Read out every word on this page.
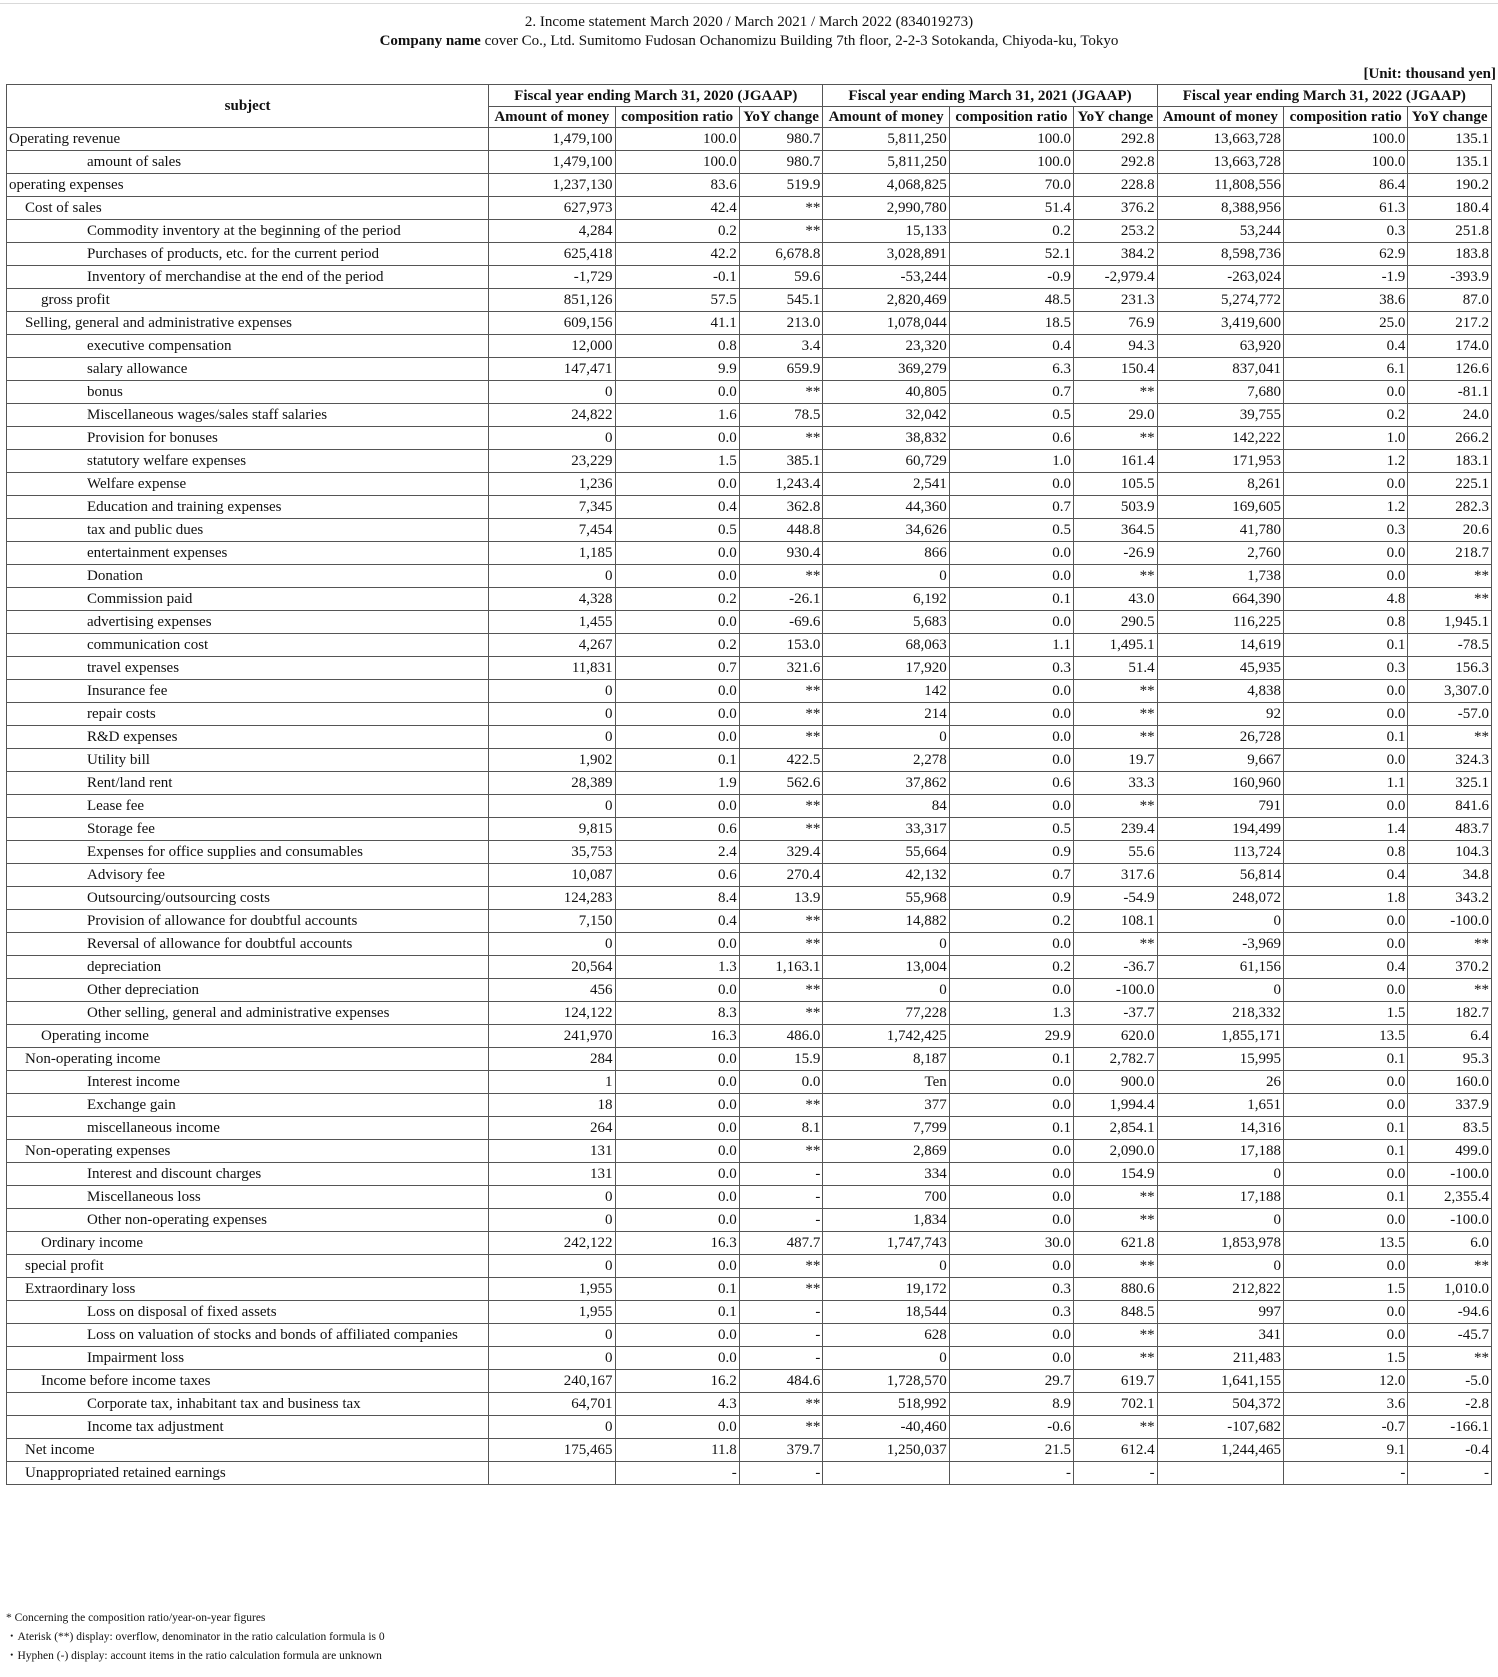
2. Income statement March 2020 / March 2021 / March 2022 (834019273)
Company name cover Co., Ltd. Sumitomo Fudosan Ochanomizu Building 7th floor, 2-2-3 Sotokanda, Chiyoda-ku, Tokyo
[Unit: thousand yen]
subject	Fiscal year ending March 31, 2020 (JGAAP)			Fiscal year ending March 31, 2021 (JGAAP)			Fiscal year ending March 31, 2022 (JGAAP)		
	Amount of money	composition ratio	YoY change	Amount of money	composition ratio	YoY change	Amount of money	composition ratio	YoY change
Operating revenue	1,479,100	100.0	980.7	5,811,250	100.0	292.8	13,663,728	100.0	135.1
amount of sales	1,479,100	100.0	980.7	5,811,250	100.0	292.8	13,663,728	100.0	135.1
operating expenses	1,237,130	83.6	519.9	4,068,825	70.0	228.8	11,808,556	86.4	190.2
Cost of sales	627,973	42.4	**	2,990,780	51.4	376.2	8,388,956	61.3	180.4
Commodity inventory at the beginning of the period	4,284	0.2	**	15,133	0.2	253.2	53,244	0.3	251.8
Purchases of products, etc. for the current period	625,418	42.2	6,678.8	3,028,891	52.1	384.2	8,598,736	62.9	183.8
Inventory of merchandise at the end of the period	-1,729	-0.1	59.6	-53,244	-0.9	-2,979.4	-263,024	-1.9	-393.9
gross profit	851,126	57.5	545.1	2,820,469	48.5	231.3	5,274,772	38.6	87.0
Selling, general and administrative expenses	609,156	41.1	213.0	1,078,044	18.5	76.9	3,419,600	25.0	217.2
executive compensation	12,000	0.8	3.4	23,320	0.4	94.3	63,920	0.4	174.0
salary allowance	147,471	9.9	659.9	369,279	6.3	150.4	837,041	6.1	126.6
bonus	0	0.0	**	40,805	0.7	**	7,680	0.0	-81.1
Miscellaneous wages/sales staff salaries	24,822	1.6	78.5	32,042	0.5	29.0	39,755	0.2	24.0
Provision for bonuses	0	0.0	**	38,832	0.6	**	142,222	1.0	266.2
statutory welfare expenses	23,229	1.5	385.1	60,729	1.0	161.4	171,953	1.2	183.1
Welfare expense	1,236	0.0	1,243.4	2,541	0.0	105.5	8,261	0.0	225.1
Education and training expenses	7,345	0.4	362.8	44,360	0.7	503.9	169,605	1.2	282.3
tax and public dues	7,454	0.5	448.8	34,626	0.5	364.5	41,780	0.3	20.6
entertainment expenses	1,185	0.0	930.4	866	0.0	-26.9	2,760	0.0	218.7
Donation	0	0.0	**	0	0.0	**	1,738	0.0	**
Commission paid	4,328	0.2	-26.1	6,192	0.1	43.0	664,390	4.8	**
advertising expenses	1,455	0.0	-69.6	5,683	0.0	290.5	116,225	0.8	1,945.1
communication cost	4,267	0.2	153.0	68,063	1.1	1,495.1	14,619	0.1	-78.5
travel expenses	11,831	0.7	321.6	17,920	0.3	51.4	45,935	0.3	156.3
Insurance fee	0	0.0	**	142	0.0	**	4,838	0.0	3,307.0
repair costs	0	0.0	**	214	0.0	**	92	0.0	-57.0
R&D expenses	0	0.0	**	0	0.0	**	26,728	0.1	**
Utility bill	1,902	0.1	422.5	2,278	0.0	19.7	9,667	0.0	324.3
Rent/land rent	28,389	1.9	562.6	37,862	0.6	33.3	160,960	1.1	325.1
Lease fee	0	0.0	**	84	0.0	**	791	0.0	841.6
Storage fee	9,815	0.6	**	33,317	0.5	239.4	194,499	1.4	483.7
Expenses for office supplies and consumables	35,753	2.4	329.4	55,664	0.9	55.6	113,724	0.8	104.3
Advisory fee	10,087	0.6	270.4	42,132	0.7	317.6	56,814	0.4	34.8
Outsourcing/outsourcing costs	124,283	8.4	13.9	55,968	0.9	-54.9	248,072	1.8	343.2
Provision of allowance for doubtful accounts	7,150	0.4	**	14,882	0.2	108.1	0	0.0	-100.0
Reversal of allowance for doubtful accounts	0	0.0	**	0	0.0	**	-3,969	0.0	**
depreciation	20,564	1.3	1,163.1	13,004	0.2	-36.7	61,156	0.4	370.2
Other depreciation	456	0.0	**	0	0.0	-100.0	0	0.0	**
Other selling, general and administrative expenses	124,122	8.3	**	77,228	1.3	-37.7	218,332	1.5	182.7
Operating income	241,970	16.3	486.0	1,742,425	29.9	620.0	1,855,171	13.5	6.4
Non-operating income	284	0.0	15.9	8,187	0.1	2,782.7	15,995	0.1	95.3
Interest income	1	0.0	0.0	Ten	0.0	900.0	26	0.0	160.0
Exchange gain	18	0.0	**	377	0.0	1,994.4	1,651	0.0	337.9
miscellaneous income	264	0.0	8.1	7,799	0.1	2,854.1	14,316	0.1	83.5
Non-operating expenses	131	0.0	**	2,869	0.0	2,090.0	17,188	0.1	499.0
Interest and discount charges	131	0.0	-	334	0.0	154.9	0	0.0	-100.0
Miscellaneous loss	0	0.0	-	700	0.0	**	17,188	0.1	2,355.4
Other non-operating expenses	0	0.0	-	1,834	0.0	**	0	0.0	-100.0
Ordinary income	242,122	16.3	487.7	1,747,743	30.0	621.8	1,853,978	13.5	6.0
special profit	0	0.0	**	0	0.0	**	0	0.0	**
Extraordinary loss	1,955	0.1	**	19,172	0.3	880.6	212,822	1.5	1,010.0
Loss on disposal of fixed assets	1,955	0.1	-	18,544	0.3	848.5	997	0.0	-94.6
Loss on valuation of stocks and bonds of affiliated companies	0	0.0	-	628	0.0	**	341	0.0	-45.7
Impairment loss	0	0.0	-	0	0.0	**	211,483	1.5	**
Income before income taxes	240,167	16.2	484.6	1,728,570	29.7	619.7	1,641,155	12.0	-5.0
Corporate tax, inhabitant tax and business tax	64,701	4.3	**	518,992	8.9	702.1	504,372	3.6	-2.8
Income tax adjustment	0	0.0	**	-40,460	-0.6	**	-107,682	-0.7	-166.1
Net income	175,465	11.8	379.7	1,250,037	21.5	612.4	1,244,465	9.1	-0.4
Unappropriated retained earnings		-	-		-	-		-	-
* Concerning the composition ratio/year-on-year figures
・Aterisk (**) display: overflow, denominator in the ratio calculation formula is 0
・Hyphen (-) display: account items in the ratio calculation formula are unknown
